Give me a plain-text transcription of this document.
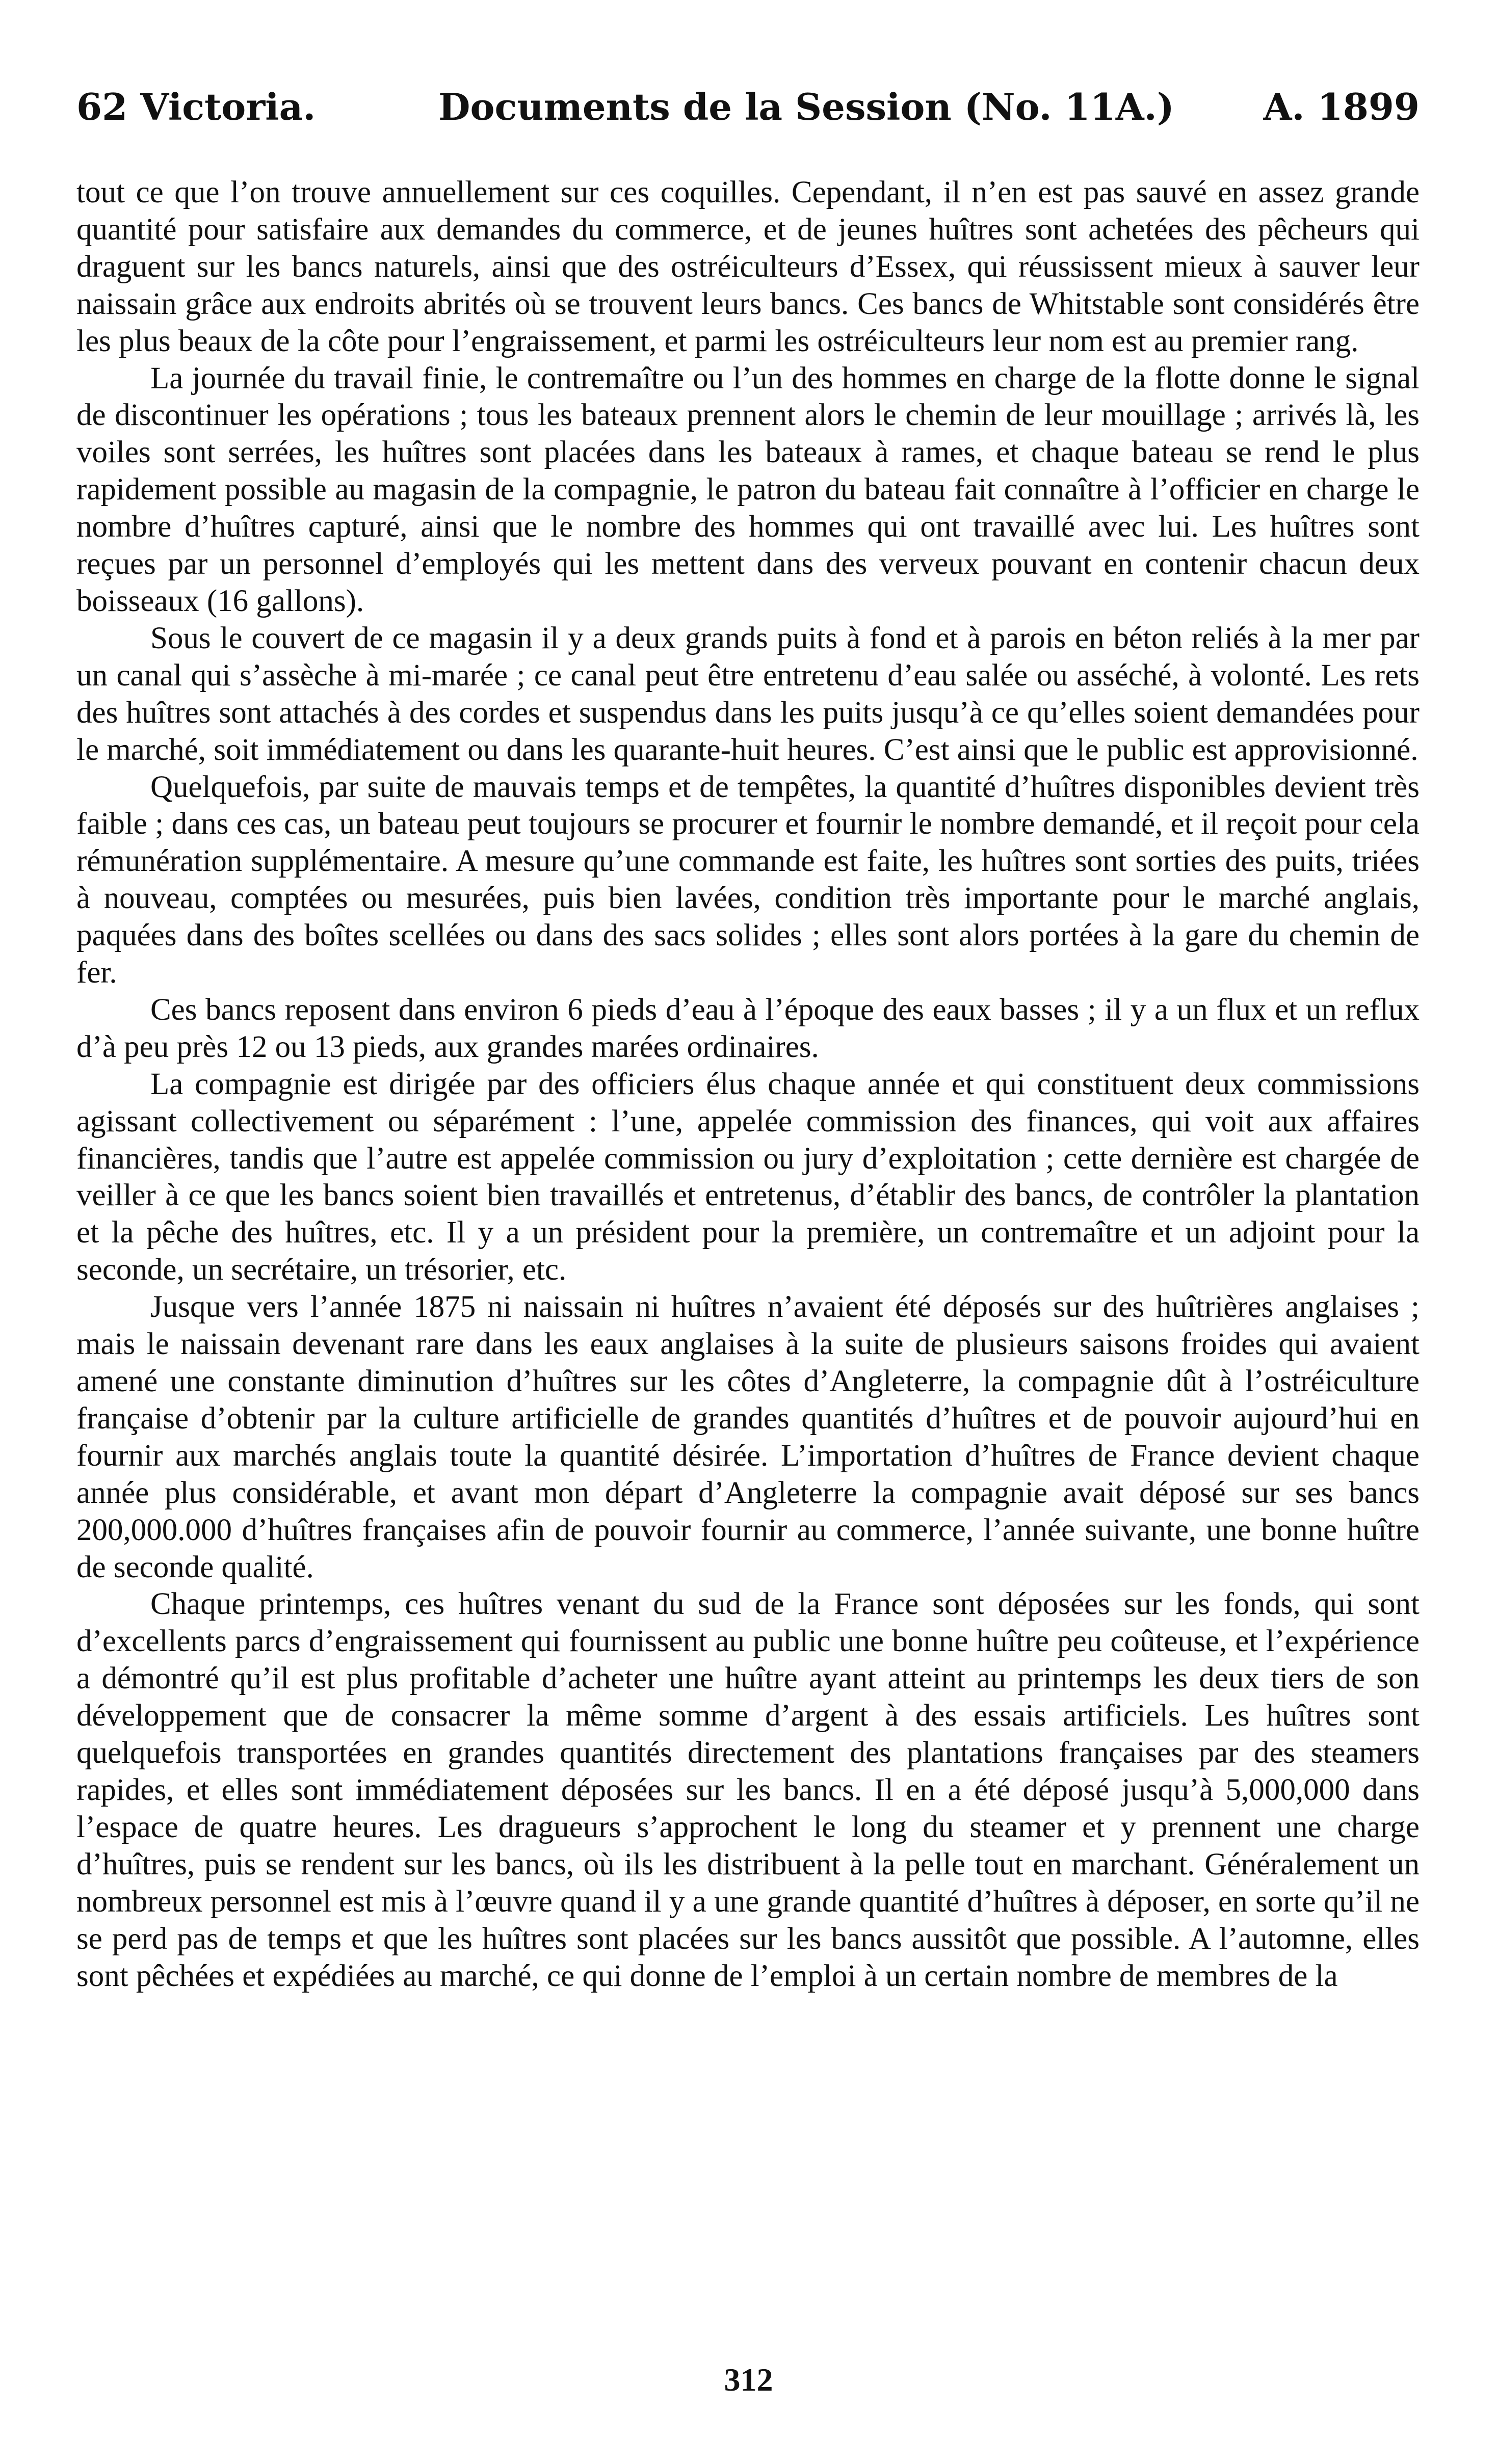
62 Victoria.	Documents de la Session (No. 11A.) A. 1899

tout ce que l’on trouve annuellement sur ces coquilles. Cependant, il n’en est pas sauvé en assez grande quantité pour satisfaire aux demandes du commerce, et de jeunes huîtres sont achetées des pêcheurs qui draguent sur les bancs naturels, ainsi que des ostréiculteurs d’Essex, qui réussissent mieux à sauver leur naissain grâce aux endroits abrités où se trouvent leurs bancs. Ces bancs de Whitstable sont considérés être les plus beaux de la côte pour l’engraissement, et parmi les ostréiculteurs leur nom est au premier rang.

La journée du travail finie, le contremaître ou l’un des hommes en charge de la flotte donne le signal de discontinuer les opérations ; tous les bateaux prennent alors le chemin de leur mouillage ; arrivés là, les voiles sont serrées, les huîtres sont placées dans les bateaux à rames, et chaque bateau se rend le plus rapidement possible au magasin de la compagnie, le patron du bateau fait connaître à l’officier en charge le nombre d’huîtres capturé, ainsi que le nombre des hommes qui ont travaillé avec lui. Les huîtres sont reçues par un personnel d’employés qui les mettent dans des verveux pouvant en contenir chacun deux boisseaux (16 gallons).

Sous le couvert de ce magasin il y a deux grands puits à fond et à parois en béton reliés à la mer par un canal qui s’assèche à mi-marée ; ce canal peut être entretenu d’eau salée ou asséché, à volonté. Les rets des huîtres sont attachés à des cordes et suspendus dans les puits jusqu’à ce qu’elles soient demandées pour le marché, soit immédiatement ou dans les quarante-huit heures. C’est ainsi que le public est approvisionné.

Quelquefois, par suite de mauvais temps et de tempêtes, la quantité d’huîtres disponibles devient très faible ; dans ces cas, un bateau peut toujours se procurer et fournir le nombre demandé, et il reçoit pour cela rémunération supplémentaire. A mesure qu’une commande est faite, les huîtres sont sorties des puits, triées à nouveau, comptées ou mesurées, puis bien lavées, condition très importante pour le marché anglais, paquées dans des boîtes scellées ou dans des sacs solides ; elles sont alors portées à la gare du chemin de fer.

Ces bancs reposent dans environ 6 pieds d’eau à l’époque des eaux basses ; il y a un flux et un reflux d’à peu près 12 ou 13 pieds, aux grandes marées ordinaires.

La compagnie est dirigée par des officiers élus chaque année et qui constituent deux commissions agissant collectivement ou séparément : l’une, appelée commission des finances, qui voit aux affaires financières, tandis que l’autre est appelée commission ou jury d’exploitation ; cette dernière est chargée de veiller à ce que les bancs soient bien travaillés et entretenus, d’établir des bancs, de contrôler la plantation et la pêche des huîtres, etc. Il y a un président pour la première, un contremaître et un adjoint pour la seconde, un secrétaire, un trésorier, etc.

Jusque vers l’année 1875 ni naissain ni huîtres n’avaient été déposés sur des huîtrières anglaises ; mais le naissain devenant rare dans les eaux anglaises à la suite de plusieurs saisons froides qui avaient amené une constante diminution d’huîtres sur les côtes d’Angleterre, la compagnie dût à l’ostréiculture française d’obtenir par la culture artificielle de grandes quantités d’huîtres et de pouvoir aujourd’hui en fournir aux marchés anglais toute la quantité désirée. L’importation d’huîtres de France devient chaque année plus considérable, et avant mon départ d’Angleterre la compagnie avait déposé sur ses bancs 200,000.000 d’huîtres françaises afin de pouvoir fournir au commerce, l’année suivante, une bonne huître de seconde qualité.

Chaque printemps, ces huîtres venant du sud de la France sont déposées sur les fonds, qui sont d’excellents parcs d’engraissement qui fournissent au public une bonne huître peu coûteuse, et l’expérience a démontré qu’il est plus profitable d’acheter une huître ayant atteint au printemps les deux tiers de son développement que de consacrer la même somme d’argent à des essais artificiels. Les huîtres sont quelquefois transportées en grandes quantités directement des plantations françaises par des steamers rapides, et elles sont immédiatement déposées sur les bancs. Il en a été déposé jusqu’à 5,000,000 dans l’espace de quatre heures. Les dragueurs s’approchent le long du steamer et y prennent une charge d’huîtres, puis se rendent sur les bancs, où ils les distribuent à la pelle tout en marchant. Généralement un nombreux personnel est mis à l’œuvre quand il y a une grande quantité d’huîtres à déposer, en sorte qu’il ne se perd pas de temps et que les huîtres sont placées sur les bancs aussitôt que possible. A l’automne, elles sont pêchées et expédiées au marché, ce qui donne de l’emploi à un certain nombre de membres de la

312
